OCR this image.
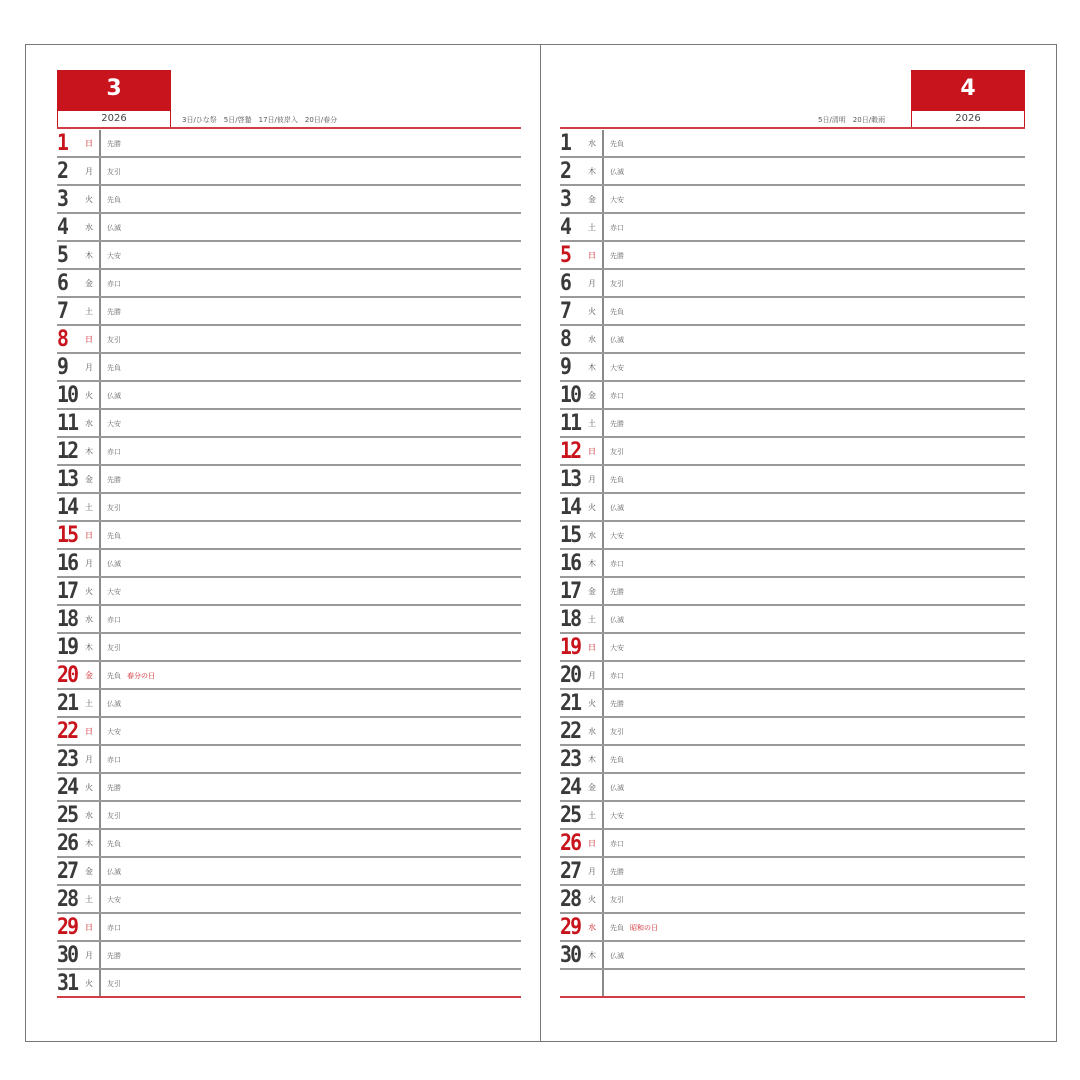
3
2026	3日/ひな祭　5日/啓蟄　17日/彼岸入　20日/春分
1	日 先勝
2	月 友引
3	火 先負
4	水 仏滅
5	木 大安
6	金 赤口
7	土 先勝
8	日 友引
9	月 先負
10 火 仏滅
11 水 大安
12 木 赤口
13 金 先勝
14 土 友引
15 日 先負
16 月 仏滅
17 火 大安
18 水 赤口
19 木 友引
20 金 先負 春分の日
21 土 仏滅
22 日 大安
23 月 赤口
24 火 先勝
25 水 友引
26 木 先負
27 金 仏滅
28 土 大安
29 日 赤口
30 月 先勝
31 火 友引
4
2026
5日/清明　20日/穀雨
1	水 先負
2	木 仏滅
3	金 大安
4	土 赤口
5	日 先勝
6	月 友引
7	火 先負
8	水 仏滅
9	木 大安
10 金 赤口
11 土 先勝
12 日 友引
13 月 先負
14 火 仏滅
15 水 大安
16 木 赤口
17 金 先勝
18 土 仏滅
19 日 大安
20 月 赤口
21 火 先勝
22 水 友引
23 木 先負
24 金 仏滅
25 土 大安
26 日 赤口
27 月 先勝
28 火 友引
29 水 先負 昭和の日
30 木 仏滅
